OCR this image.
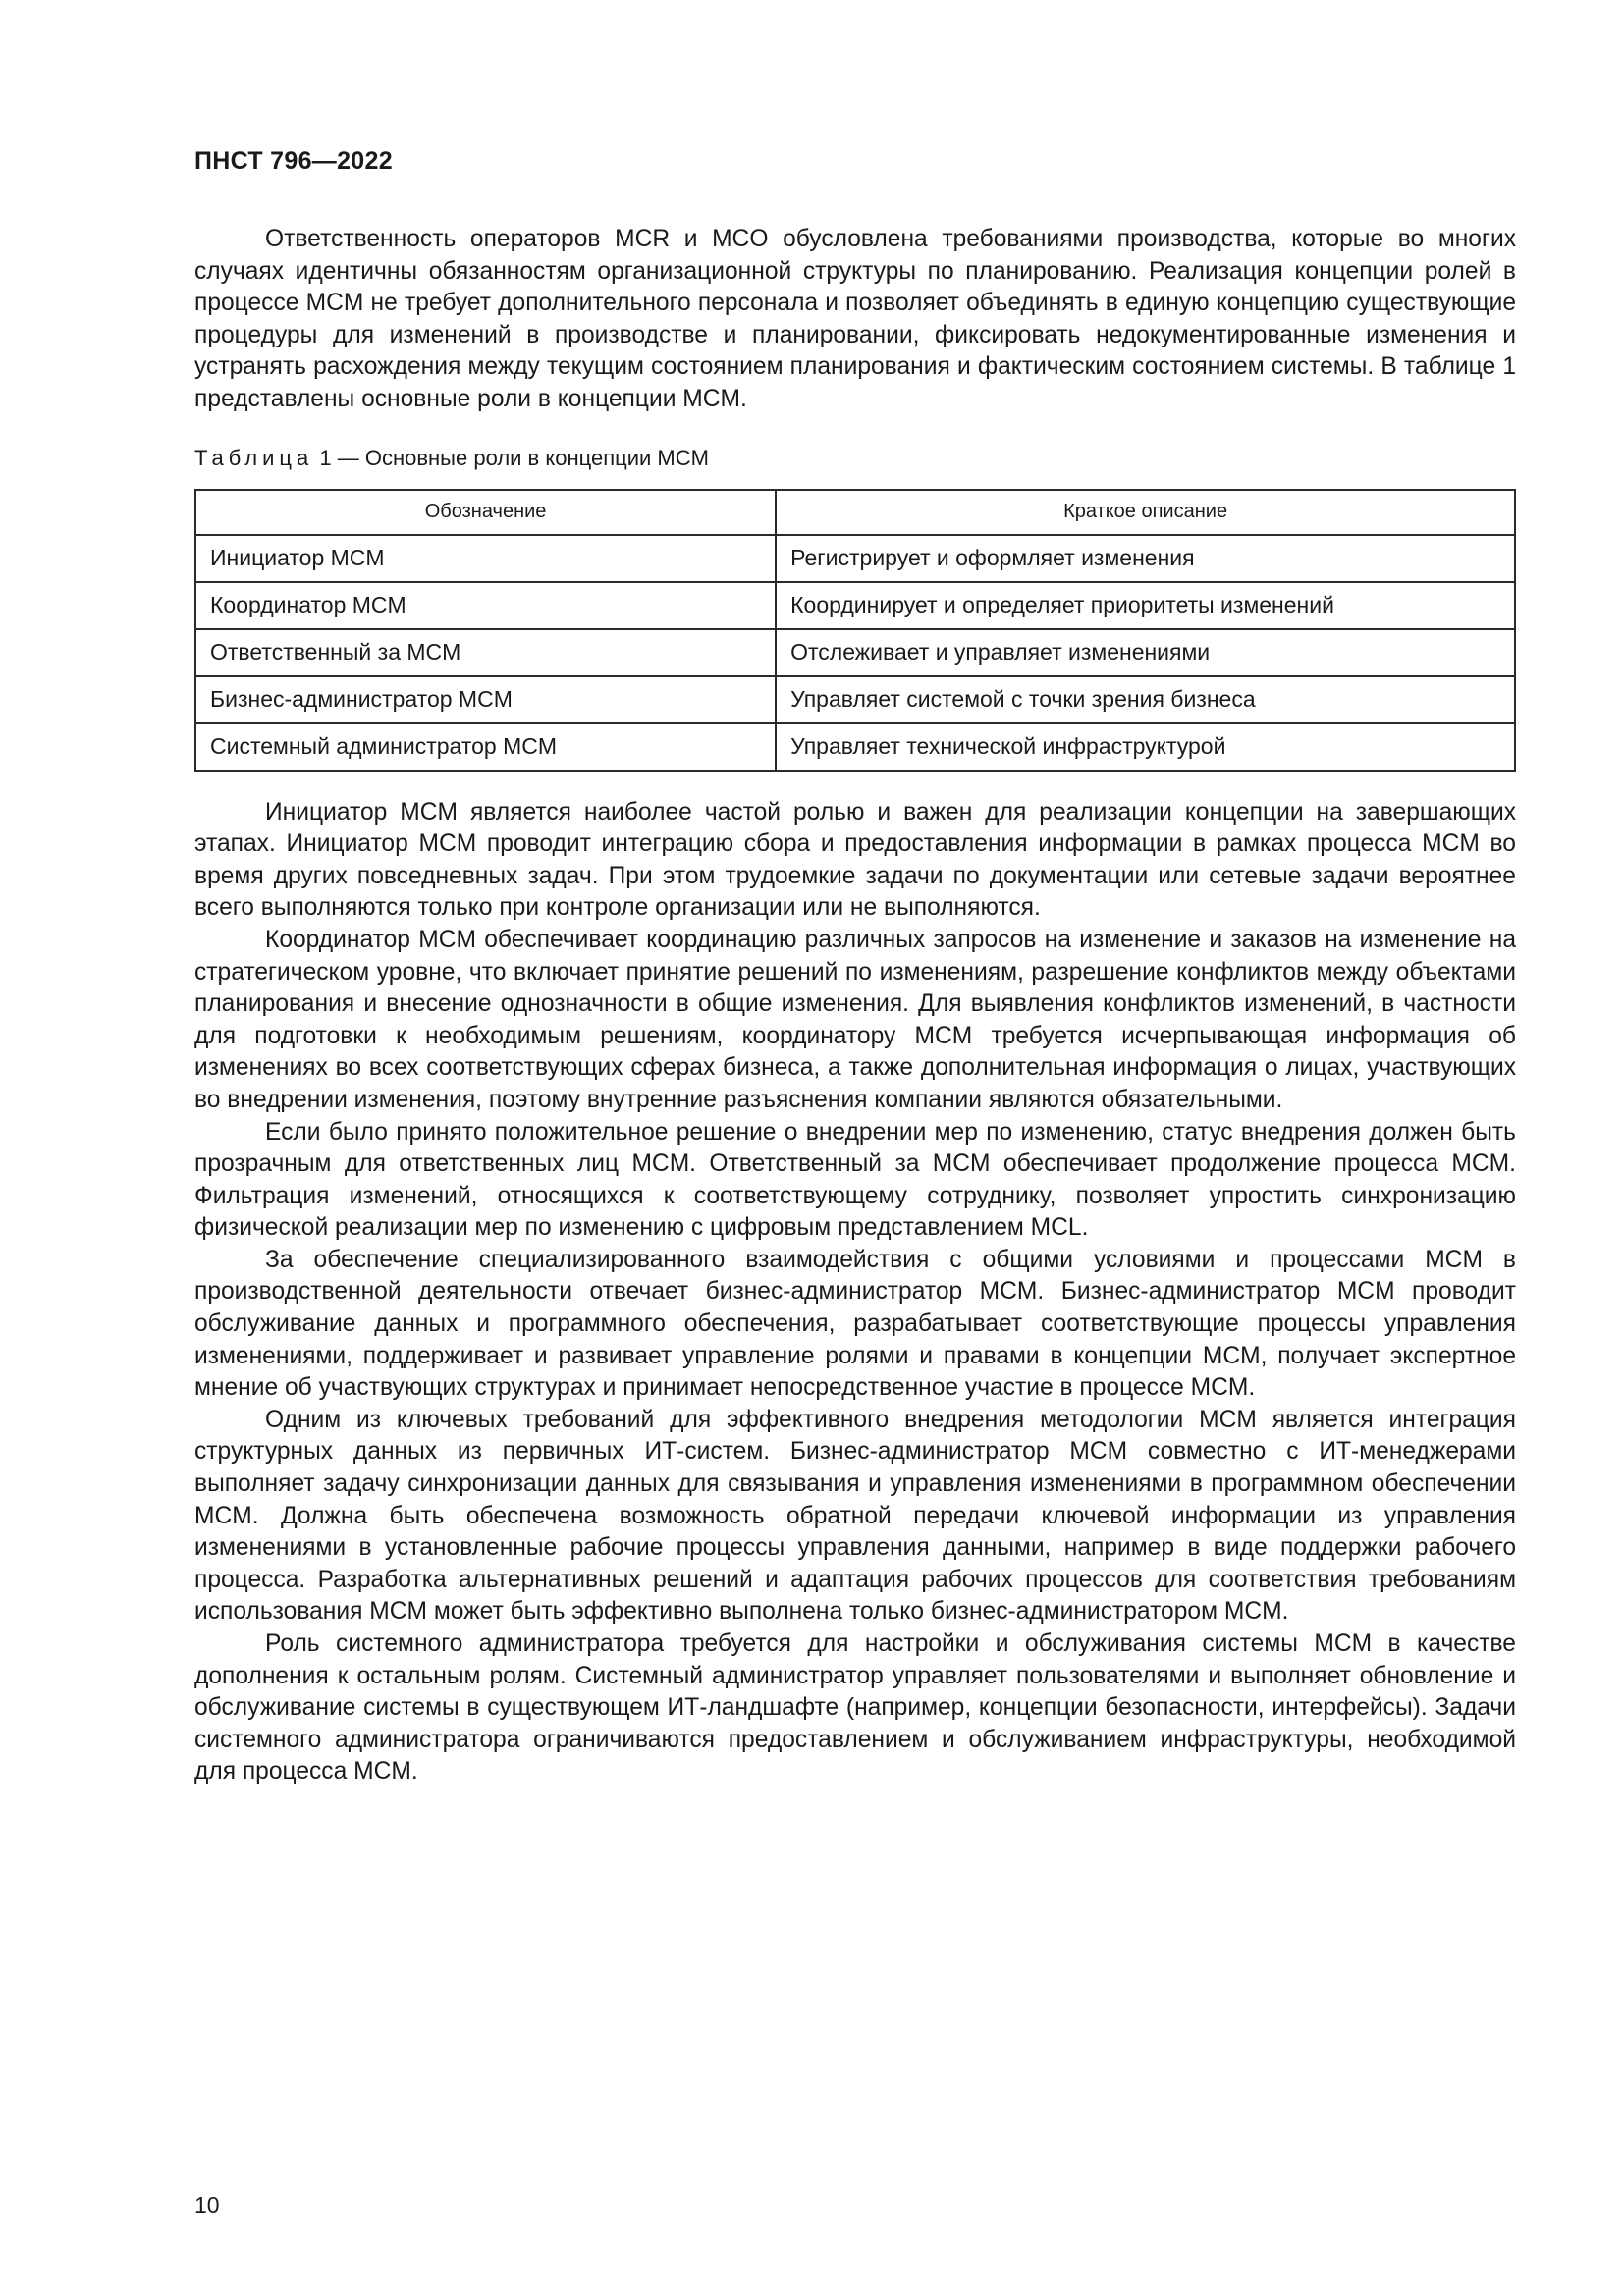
ПНСТ 796—2022

Ответственность операторов MCR и MCO обусловлена требованиями производства, которые во многих случаях идентичны обязанностям организационной структуры по планированию. Реализация концепции ролей в процессе MCM не требует дополнительного персонала и позволяет объединять в единую концепцию существующие процедуры для изменений в производстве и планировании, фиксировать недокументированные изменения и устранять расхождения между текущим состоянием планирования и фактическим состоянием системы. В таблице 1 представлены основные роли в концепции MCM.

Таблица 1 — Основные роли в концепции MCM
Обозначение	Краткое описание
Инициатор MCM	Регистрирует и оформляет изменения
Координатор MCM	Координирует и определяет приоритеты изменений
Ответственный за MCM	Отслеживает и управляет изменениями
Бизнес-администратор MCM	Управляет системой с точки зрения бизнеса
Системный администратор MCM	Управляет технической инфраструктурой

Инициатор MCM является наиболее частой ролью и важен для реализации концепции на завершающих этапах. Инициатор MCM проводит интеграцию сбора и предоставления информации в рамках процесса MCM во время других повседневных задач. При этом трудоемкие задачи по документации или сетевые задачи вероятнее всего выполняются только при контроле организации или не выполняются.

Координатор MCM обеспечивает координацию различных запросов на изменение и заказов на изменение на стратегическом уровне, что включает принятие решений по изменениям, разрешение конфликтов между объектами планирования и внесение однозначности в общие изменения. Для выявления конфликтов изменений, в частности для подготовки к необходимым решениям, координатору MCM требуется исчерпывающая информация об изменениях во всех соответствующих сферах бизнеса, а также дополнительная информация о лицах, участвующих во внедрении изменения, поэтому внутренние разъяснения компании являются обязательными.

Если было принято положительное решение о внедрении мер по изменению, статус внедрения должен быть прозрачным для ответственных лиц MCM. Ответственный за MCM обеспечивает продолжение процесса MCM. Фильтрация изменений, относящихся к соответствующему сотруднику, позволяет упростить синхронизацию физической реализации мер по изменению с цифровым представлением MCL.

За обеспечение специализированного взаимодействия с общими условиями и процессами MCM в производственной деятельности отвечает бизнес-администратор MCM. Бизнес-администратор MCM проводит обслуживание данных и программного обеспечения, разрабатывает соответствующие процессы управления изменениями, поддерживает и развивает управление ролями и правами в концепции MCM, получает экспертное мнение об участвующих структурах и принимает непосредственное участие в процессе MCM.

Одним из ключевых требований для эффективного внедрения методологии MCM является интеграция структурных данных из первичных ИТ-систем. Бизнес-администратор MCM совместно с ИТ-менеджерами выполняет задачу синхронизации данных для связывания и управления изменениями в программном обеспечении MCM. Должна быть обеспечена возможность обратной передачи ключевой информации из управления изменениями в установленные рабочие процессы управления данными, например в виде поддержки рабочего процесса. Разработка альтернативных решений и адаптация рабочих процессов для соответствия требованиям использования MCM может быть эффективно выполнена только бизнес-администратором MCM.

Роль системного администратора требуется для настройки и обслуживания системы MCM в качестве дополнения к остальным ролям. Системный администратор управляет пользователями и выполняет обновление и обслуживание системы в существующем ИТ-ландшафте (например, концепции безопасности, интерфейсы). Задачи системного администратора ограничиваются предоставлением и обслуживанием инфраструктуры, необходимой для процесса MCM.

10
